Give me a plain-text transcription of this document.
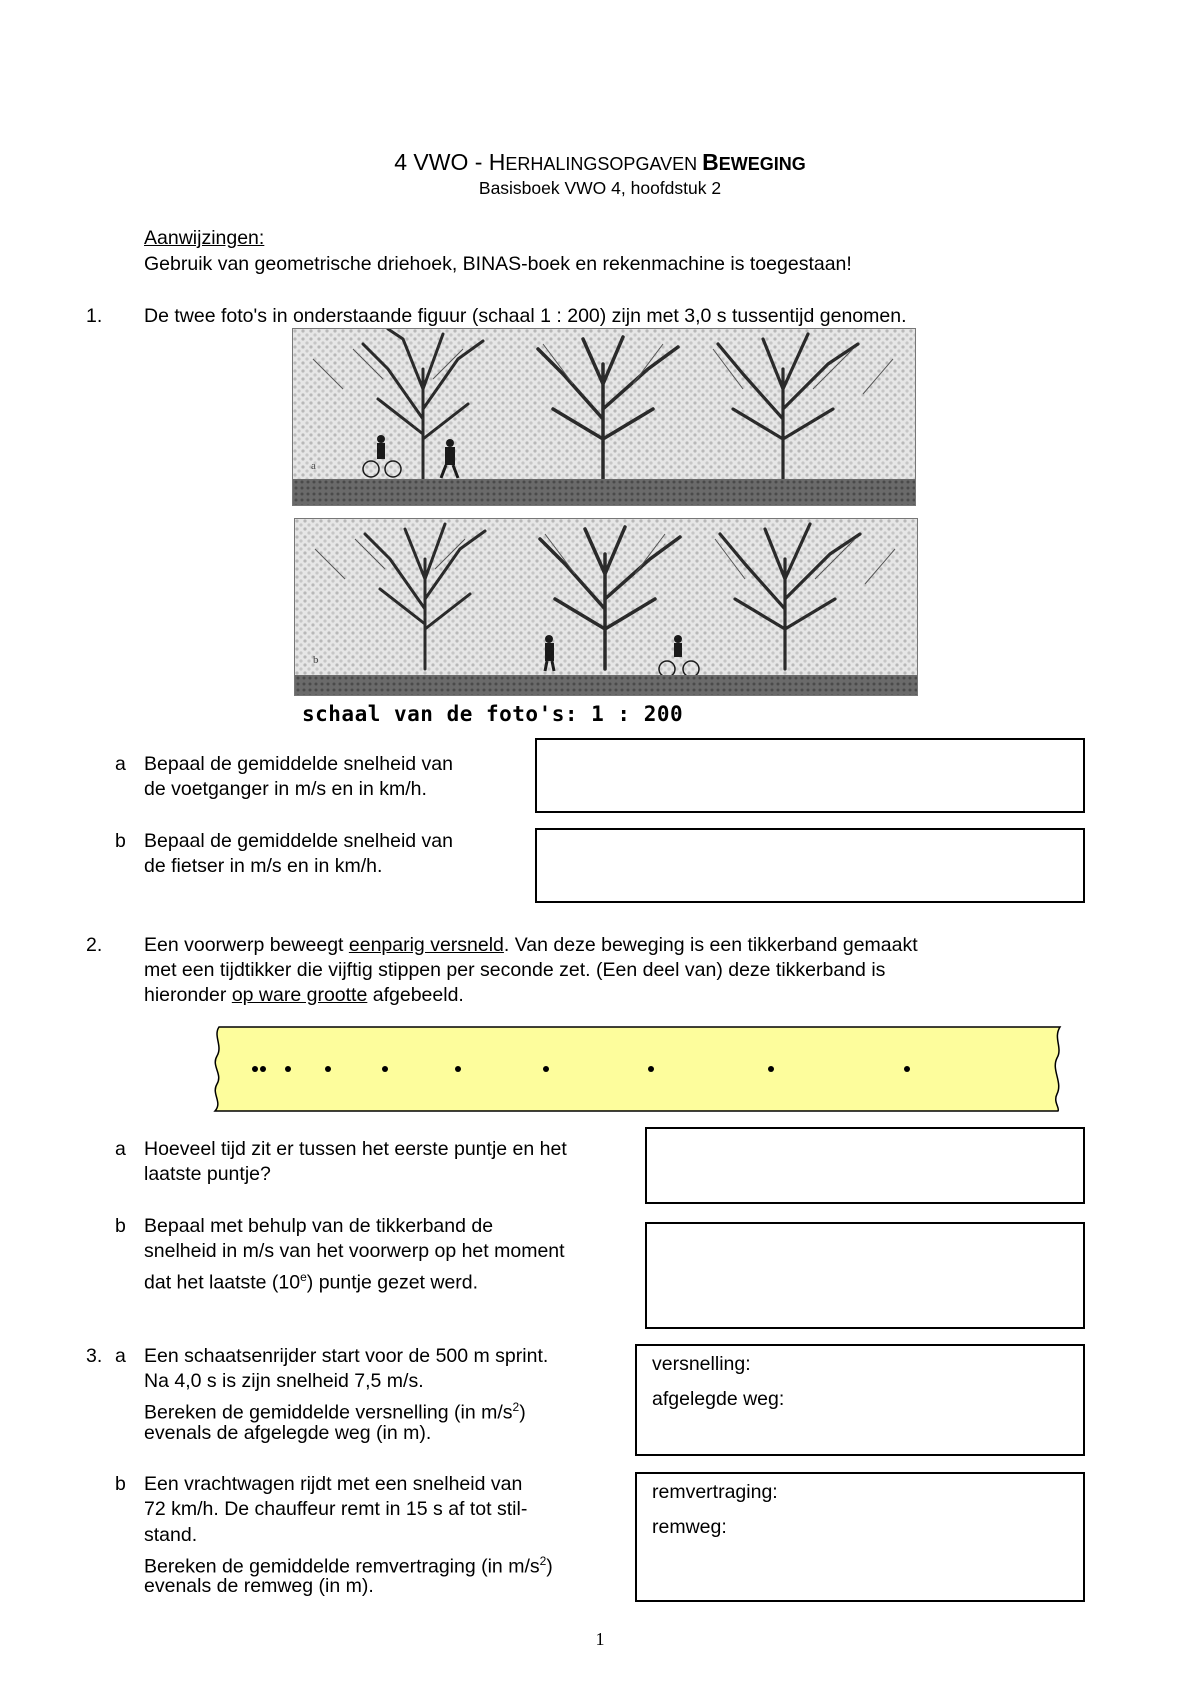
4 VWO - HERHALINGSOPGAVEN BEWEGING
Basisboek VWO 4, hoofdstuk 2
Aanwijzingen:
Gebruik van geometrische driehoek, BINAS-boek en rekenmachine is toegestaan!
1. De twee foto's in onderstaande figuur (schaal 1 : 200) zijn met 3,0 s tussentijd genomen.
a
b
schaal van de foto's: 1 : 200
a Bepaal de gemiddelde snelheid van
de voetganger in m/s en in km/h.
b Bepaal de gemiddelde snelheid van
de fietser in m/s en in km/h.
2. Een voorwerp beweegt eenparig versneld. Van deze beweging is een tikkerband gemaakt
met een tijdtikker die vijftig stippen per seconde zet. (Een deel van) deze tikkerband is
hieronder op ware grootte afgebeeld.
a Hoeveel tijd zit er tussen het eerste puntje en het
laatste puntje?
b Bepaal met behulp van de tikkerband de
snelheid in m/s van het voorwerp op het moment
dat het laatste (10e) puntje gezet werd.
3. a Een schaatsenrijder start voor de 500 m sprint.
Na 4,0 s is zijn snelheid 7,5 m/s.
Bereken de gemiddelde versnelling (in $m/s^2$)
evenals de afgelegde weg (in m).
versnelling:
afgelegde weg:
b Een vrachtwagen rijdt met een snelheid van
72 km/h. De chauffeur remt in 15 s af tot stil-
stand.
Bereken de gemiddelde remvertraging (in $m/s^2$)
evenals de remweg (in m).
remvertraging:
remweg:
1
